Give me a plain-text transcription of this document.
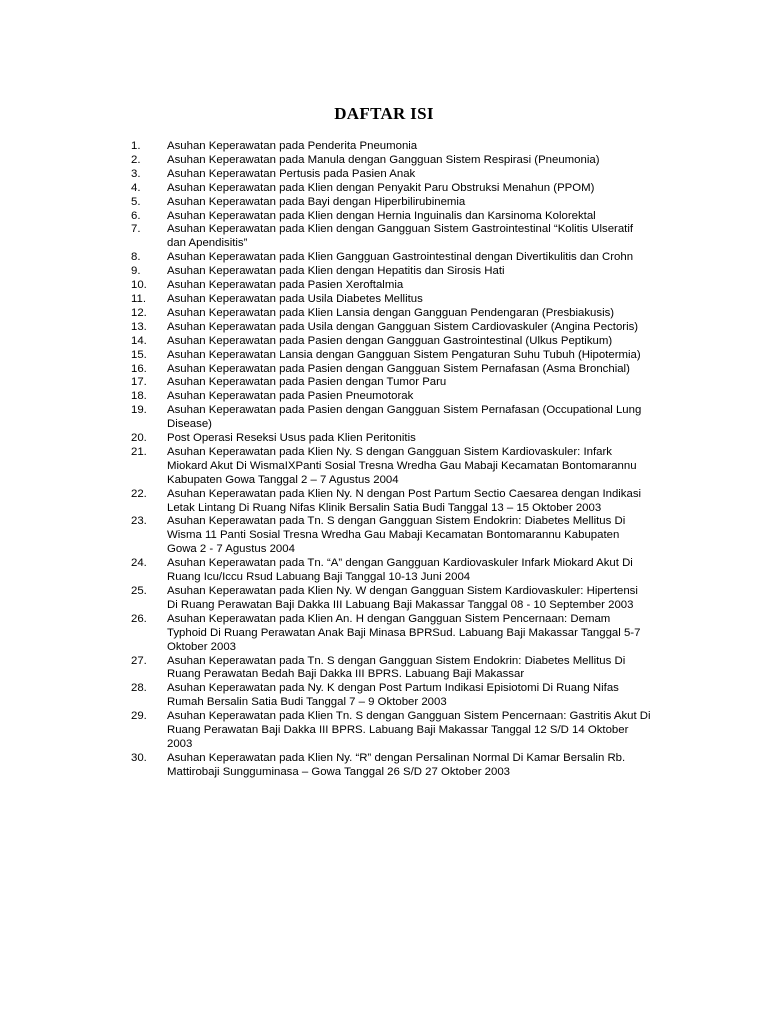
DAFTAR ISI
1.	Asuhan Keperawatan pada Penderita Pneumonia
2.	Asuhan Keperawatan pada Manula dengan Gangguan Sistem Respirasi (Pneumonia)
3.	Asuhan Keperawatan Pertusis pada Pasien Anak
4.	Asuhan Keperawatan pada Klien dengan Penyakit Paru Obstruksi Menahun (PPOM)
5.	Asuhan Keperawatan pada Bayi dengan Hiperbilirubinemia
6.	Asuhan Keperawatan pada Klien dengan Hernia Inguinalis dan Karsinoma Kolorektal
7.	Asuhan Keperawatan pada Klien dengan Gangguan Sistem Gastrointestinal “Kolitis Ulseratif dan Apendisitis”
8.	Asuhan Keperawatan pada Klien Gangguan Gastrointestinal dengan Divertikulitis dan Crohn
9.	Asuhan Keperawatan pada Klien dengan Hepatitis dan Sirosis Hati
10.	Asuhan Keperawatan pada Pasien Xeroftalmia
11.	Asuhan Keperawatan pada Usila Diabetes Mellitus
12.	Asuhan Keperawatan pada Klien Lansia dengan Gangguan Pendengaran (Presbiakusis)
13.	Asuhan Keperawatan pada Usila dengan Gangguan Sistem Cardiovaskuler (Angina Pectoris)
14.	Asuhan Keperawatan pada Pasien dengan Gangguan Gastrointestinal (Ulkus Peptikum)
15.	Asuhan Keperawatan Lansia dengan Gangguan Sistem Pengaturan Suhu Tubuh (Hipotermia)
16.	Asuhan Keperawatan pada Pasien dengan Gangguan Sistem Pernafasan (Asma Bronchial)
17.	Asuhan Keperawatan pada Pasien dengan Tumor Paru
18.	Asuhan Keperawatan pada Pasien Pneumotorak
19.	Asuhan Keperawatan pada Pasien dengan Gangguan Sistem Pernafasan (Occupational Lung Disease)
20.	Post Operasi Reseksi Usus pada Klien Peritonitis
21.	Asuhan Keperawatan pada Klien Ny. S dengan Gangguan Sistem Kardiovaskuler: Infark Miokard Akut Di WismaIXPanti Sosial Tresna Wredha Gau Mabaji Kecamatan Bontomarannu Kabupaten Gowa Tanggal 2 – 7 Agustus 2004
22.	Asuhan Keperawatan pada Klien Ny. N dengan Post Partum Sectio Caesarea dengan Indikasi Letak Lintang Di Ruang Nifas Klinik Bersalin Satia Budi Tanggal 13 – 15 Oktober 2003
23.	Asuhan Keperawatan pada Tn. S dengan Gangguan Sistem Endokrin: Diabetes Mellitus Di Wisma 11 Panti Sosial Tresna Wredha Gau Mabaji Kecamatan Bontomarannu Kabupaten Gowa 2 - 7 Agustus 2004
24.	Asuhan Keperawatan pada Tn. “A” dengan Gangguan Kardiovaskuler Infark Miokard Akut Di Ruang Icu/Iccu Rsud Labuang Baji Tanggal 10-13 Juni 2004
25.	Asuhan Keperawatan pada Klien Ny. W dengan Gangguan Sistem Kardiovaskuler: Hipertensi Di Ruang Perawatan Baji Dakka III Labuang Baji Makassar Tanggal 08 - 10 September 2003
26.	Asuhan Keperawatan pada Klien An. H dengan Gangguan Sistem Pencernaan: Demam Typhoid Di Ruang Perawatan Anak Baji Minasa BPRSud. Labuang Baji Makassar Tanggal 5-7 Oktober 2003
27.	Asuhan Keperawatan pada Tn. S dengan Gangguan Sistem Endokrin: Diabetes Mellitus Di Ruang Perawatan Bedah Baji Dakka III BPRS. Labuang Baji Makassar
28.	Asuhan Keperawatan pada Ny. K dengan Post Partum Indikasi Episiotomi Di Ruang Nifas Rumah Bersalin Satia Budi Tanggal 7 – 9 Oktober 2003
29.	Asuhan Keperawatan pada Klien Tn. S dengan Gangguan Sistem Pencernaan: Gastritis Akut Di Ruang Perawatan Baji Dakka III BPRS. Labuang Baji Makassar Tanggal 12 S/D 14 Oktober 2003
30.	Asuhan Keperawatan pada Klien Ny. “R” dengan Persalinan Normal Di Kamar Bersalin Rb. Mattirobaji Sungguminasa – Gowa Tanggal 26 S/D 27 Oktober 2003
